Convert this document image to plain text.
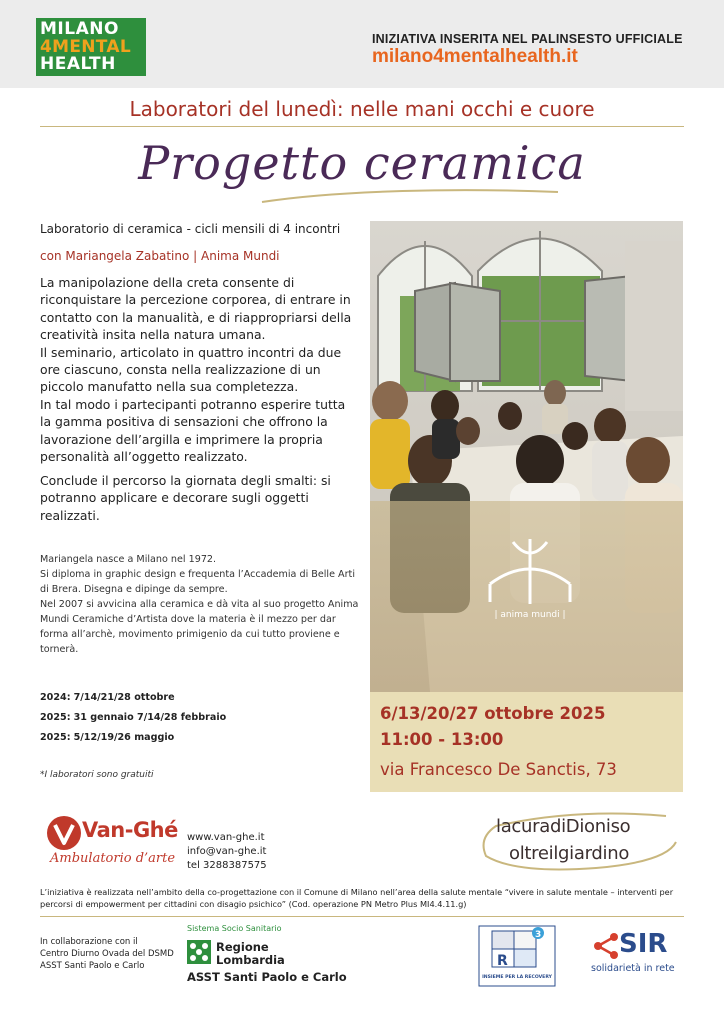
MILANO
4MENTAL
HEALTH
INIZIATIVA INSERITA NEL PALINSESTO UFFICIALE
milano4mentalhealth.it
Laboratori del lunedì: nelle mani occhi e cuore
Progetto ceramica
Laboratorio di ceramica - cicli mensili di 4 incontri
con Mariangela Zabatino | Anima Mundi
La manipolazione della creta consente di riconquistare la percezione corporea, di entrare in contatto con la manualità, e di riappropriarsi della creatività insita nella natura umana.
Il seminario, articolato in quattro incontri da due ore ciascuno, consta nella realizzazione di un piccolo manufatto nella sua completezza.
In tal modo i partecipanti potranno esperire tutta la gamma positiva di sensazioni che offrono la lavorazione dell’argilla e imprimere la propria personalità all’oggetto realizzato.
Conclude il percorso la giornata degli smalti: si potranno applicare e decorare sugli oggetti realizzati.
Mariangela nasce a Milano nel 1972.
Si diploma in graphic design e frequenta l’Accademia di Belle Arti di Brera. Disegna e dipinge da sempre.
Nel 2007 si avvicina alla ceramica e dà vita al suo progetto Anima Mundi Ceramiche d’Artista dove la materia è il mezzo per dar forma all’archè, movimento primigenio da cui tutto proviene e tornerà.
2024: 7/14/21/28 ottobre
2025: 31 gennaio 7/14/28 febbraio
2025: 5/12/19/26 maggio
*I laboratori sono gratuiti
| anima mundi |
6/13/20/27 ottobre 2025
11:00 - 13:00
via Francesco De Sanctis, 73
Van-Ghé
Ambulatorio d’arte
www.van-ghe.it
info@van-ghe.it
tel 3288387575
lacuradiDioniso
oltreilgiardino
L’iniziativa è realizzata nell’ambito della co-progettazione con il Comune di Milano nell’area della salute mentale “vivere in salute mentale – interventi per percorsi di empowerment per cittadini con disagio psichico” (Cod. operazione PN Metro Plus MI4.4.11.g)
In collaborazione con il
Centro Diurno Ovada del DSMD
ASST Santi Paolo e Carlo
Sistema Socio Sanitario
Regione
Lombardia
ASST Santi Paolo e Carlo
R
3
INSIEME PER LA RECOVERY
SIR
solidarietà in rete
